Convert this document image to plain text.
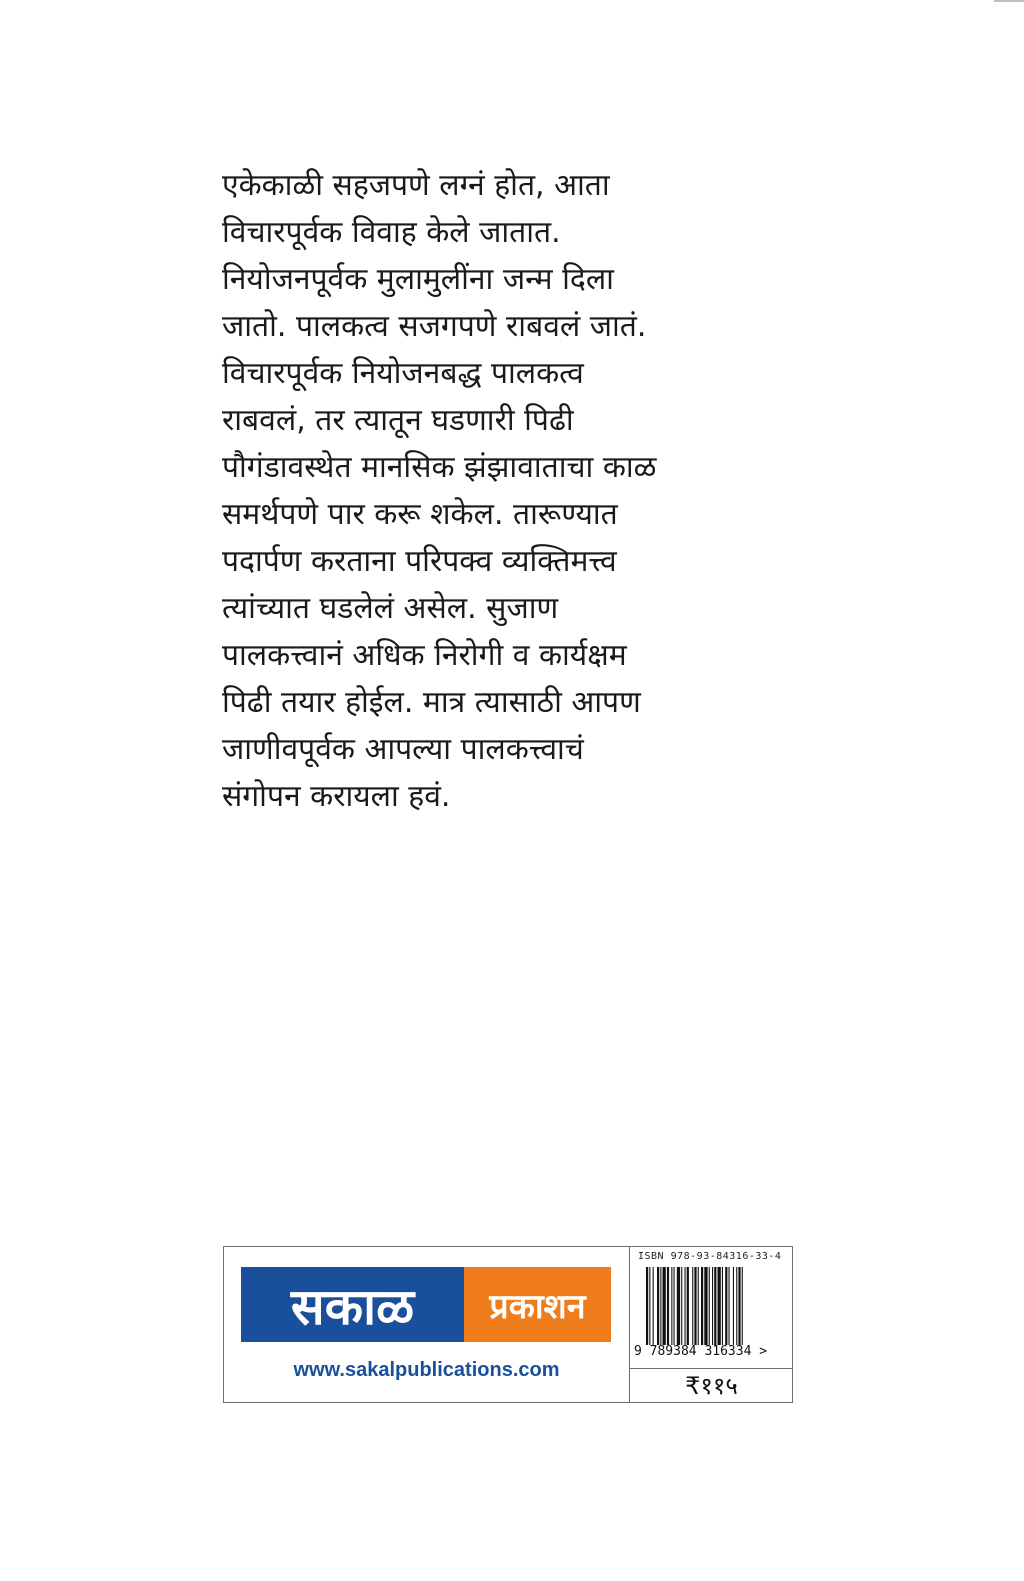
एकेकाळी सहजपणे लग्नं होत, आता
विचारपूर्वक विवाह केले जातात.
नियोजनपूर्वक मुलामुलींना जन्म दिला
जातो. पालकत्व सजगपणे राबवलं जातं.
विचारपूर्वक नियोजनबद्ध पालकत्व
राबवलं, तर त्यातून घडणारी पिढी
पौगंडावस्थेत मानसिक झंझावाताचा काळ
समर्थपणे पार करू शकेल. तारूण्यात
पदार्पण करताना परिपक्व व्यक्तिमत्त्व
त्यांच्यात घडलेलं असेल. सुजाण
पालकत्त्वानं अधिक निरोगी व कार्यक्षम
पिढी तयार होईल. मात्र त्यासाठी आपण
जाणीवपूर्वक आपल्या पालकत्त्वाचं
संगोपन करायला हवं.
सकाळ	प्रकाशन
www.sakalpublications.com
ISBN 978-93-84316-33-4
9 789384 316334 >
₹११५
